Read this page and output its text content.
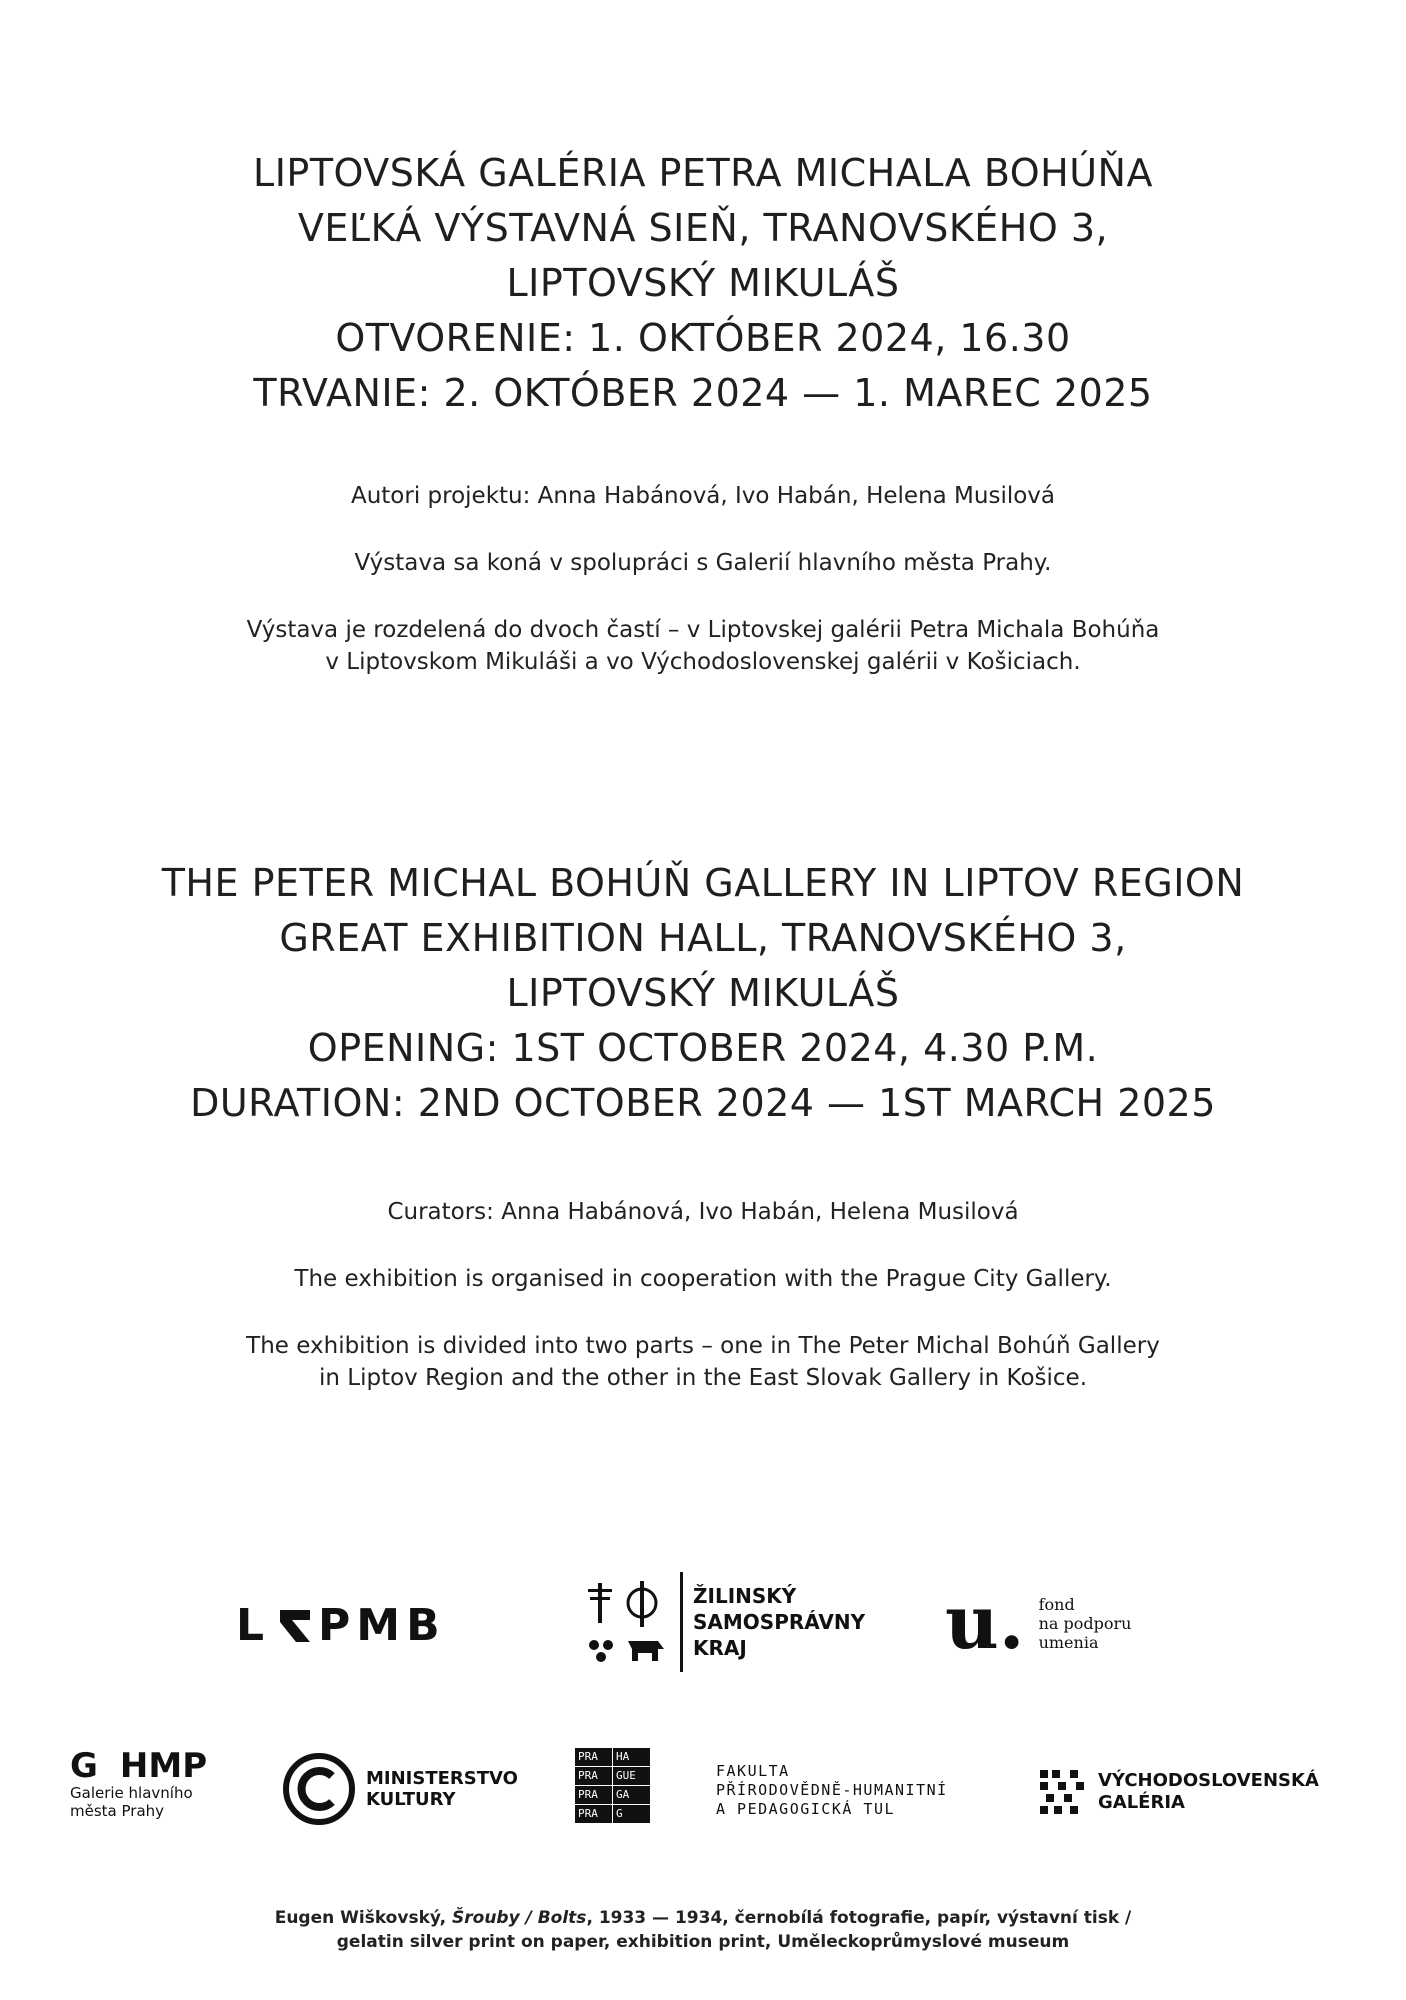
LIPTOVSKÁ GALÉRIA PETRA MICHALA BOHÚŇA
VEĽKÁ VÝSTAVNÁ SIEŇ, TRANOVSKÉHO 3,
LIPTOVSKÝ MIKULÁŠ
OTVORENIE: 1. OKTÓBER 2024, 16.30
TRVANIE: 2. OKTÓBER 2024 — 1. MAREC 2025
Autori projektu: Anna Habánová, Ivo Habán, Helena Musilová
Výstava sa koná v spolupráci s Galerií hlavního města Prahy.
Výstava je rozdelená do dvoch častí – v Liptovskej galérii Petra Michala Bohúňa
v Liptovskom Mikuláši a vo Východoslovenskej galérii v Košiciach.
THE PETER MICHAL BOHÚŇ GALLERY IN LIPTOV REGION
GREAT EXHIBITION HALL, TRANOVSKÉHO 3,
LIPTOVSKÝ MIKULÁŠ
OPENING: 1ST OCTOBER 2024, 4.30 P.M.
DURATION: 2ND OCTOBER 2024 — 1ST MARCH 2025
Curators: Anna Habánová, Ivo Habán, Helena Musilová
The exhibition is organised in cooperation with the Prague City Gallery.
The exhibition is divided into two parts – one in The Peter Michal Bohúň Gallery
in Liptov Region and the other in the East Slovak Gallery in Košice.
L PMB
ŽILINSKÝ
SAMOSPRÁVNY
KRAJ	u. fond
na podporu
umenia
G HMP
Galerie hlavního
města Prahy
MINISTERSTVO
KULTURY
PRA	HA
PRA	GUE
PRA	GA
PRA	G
FAKULTA
PŘÍRODOVĚDNĚ-HUMANITNÍ
A PEDAGOGICKÁ TUL
VÝCHODOSLOVENSKÁ
GALÉRIA
Eugen Wiškovský, Šrouby / Bolts, 1933 — 1934, černobílá fotografie, papír, výstavní tisk /
gelatin silver print on paper, exhibition print, Uměleckoprůmyslové museum
